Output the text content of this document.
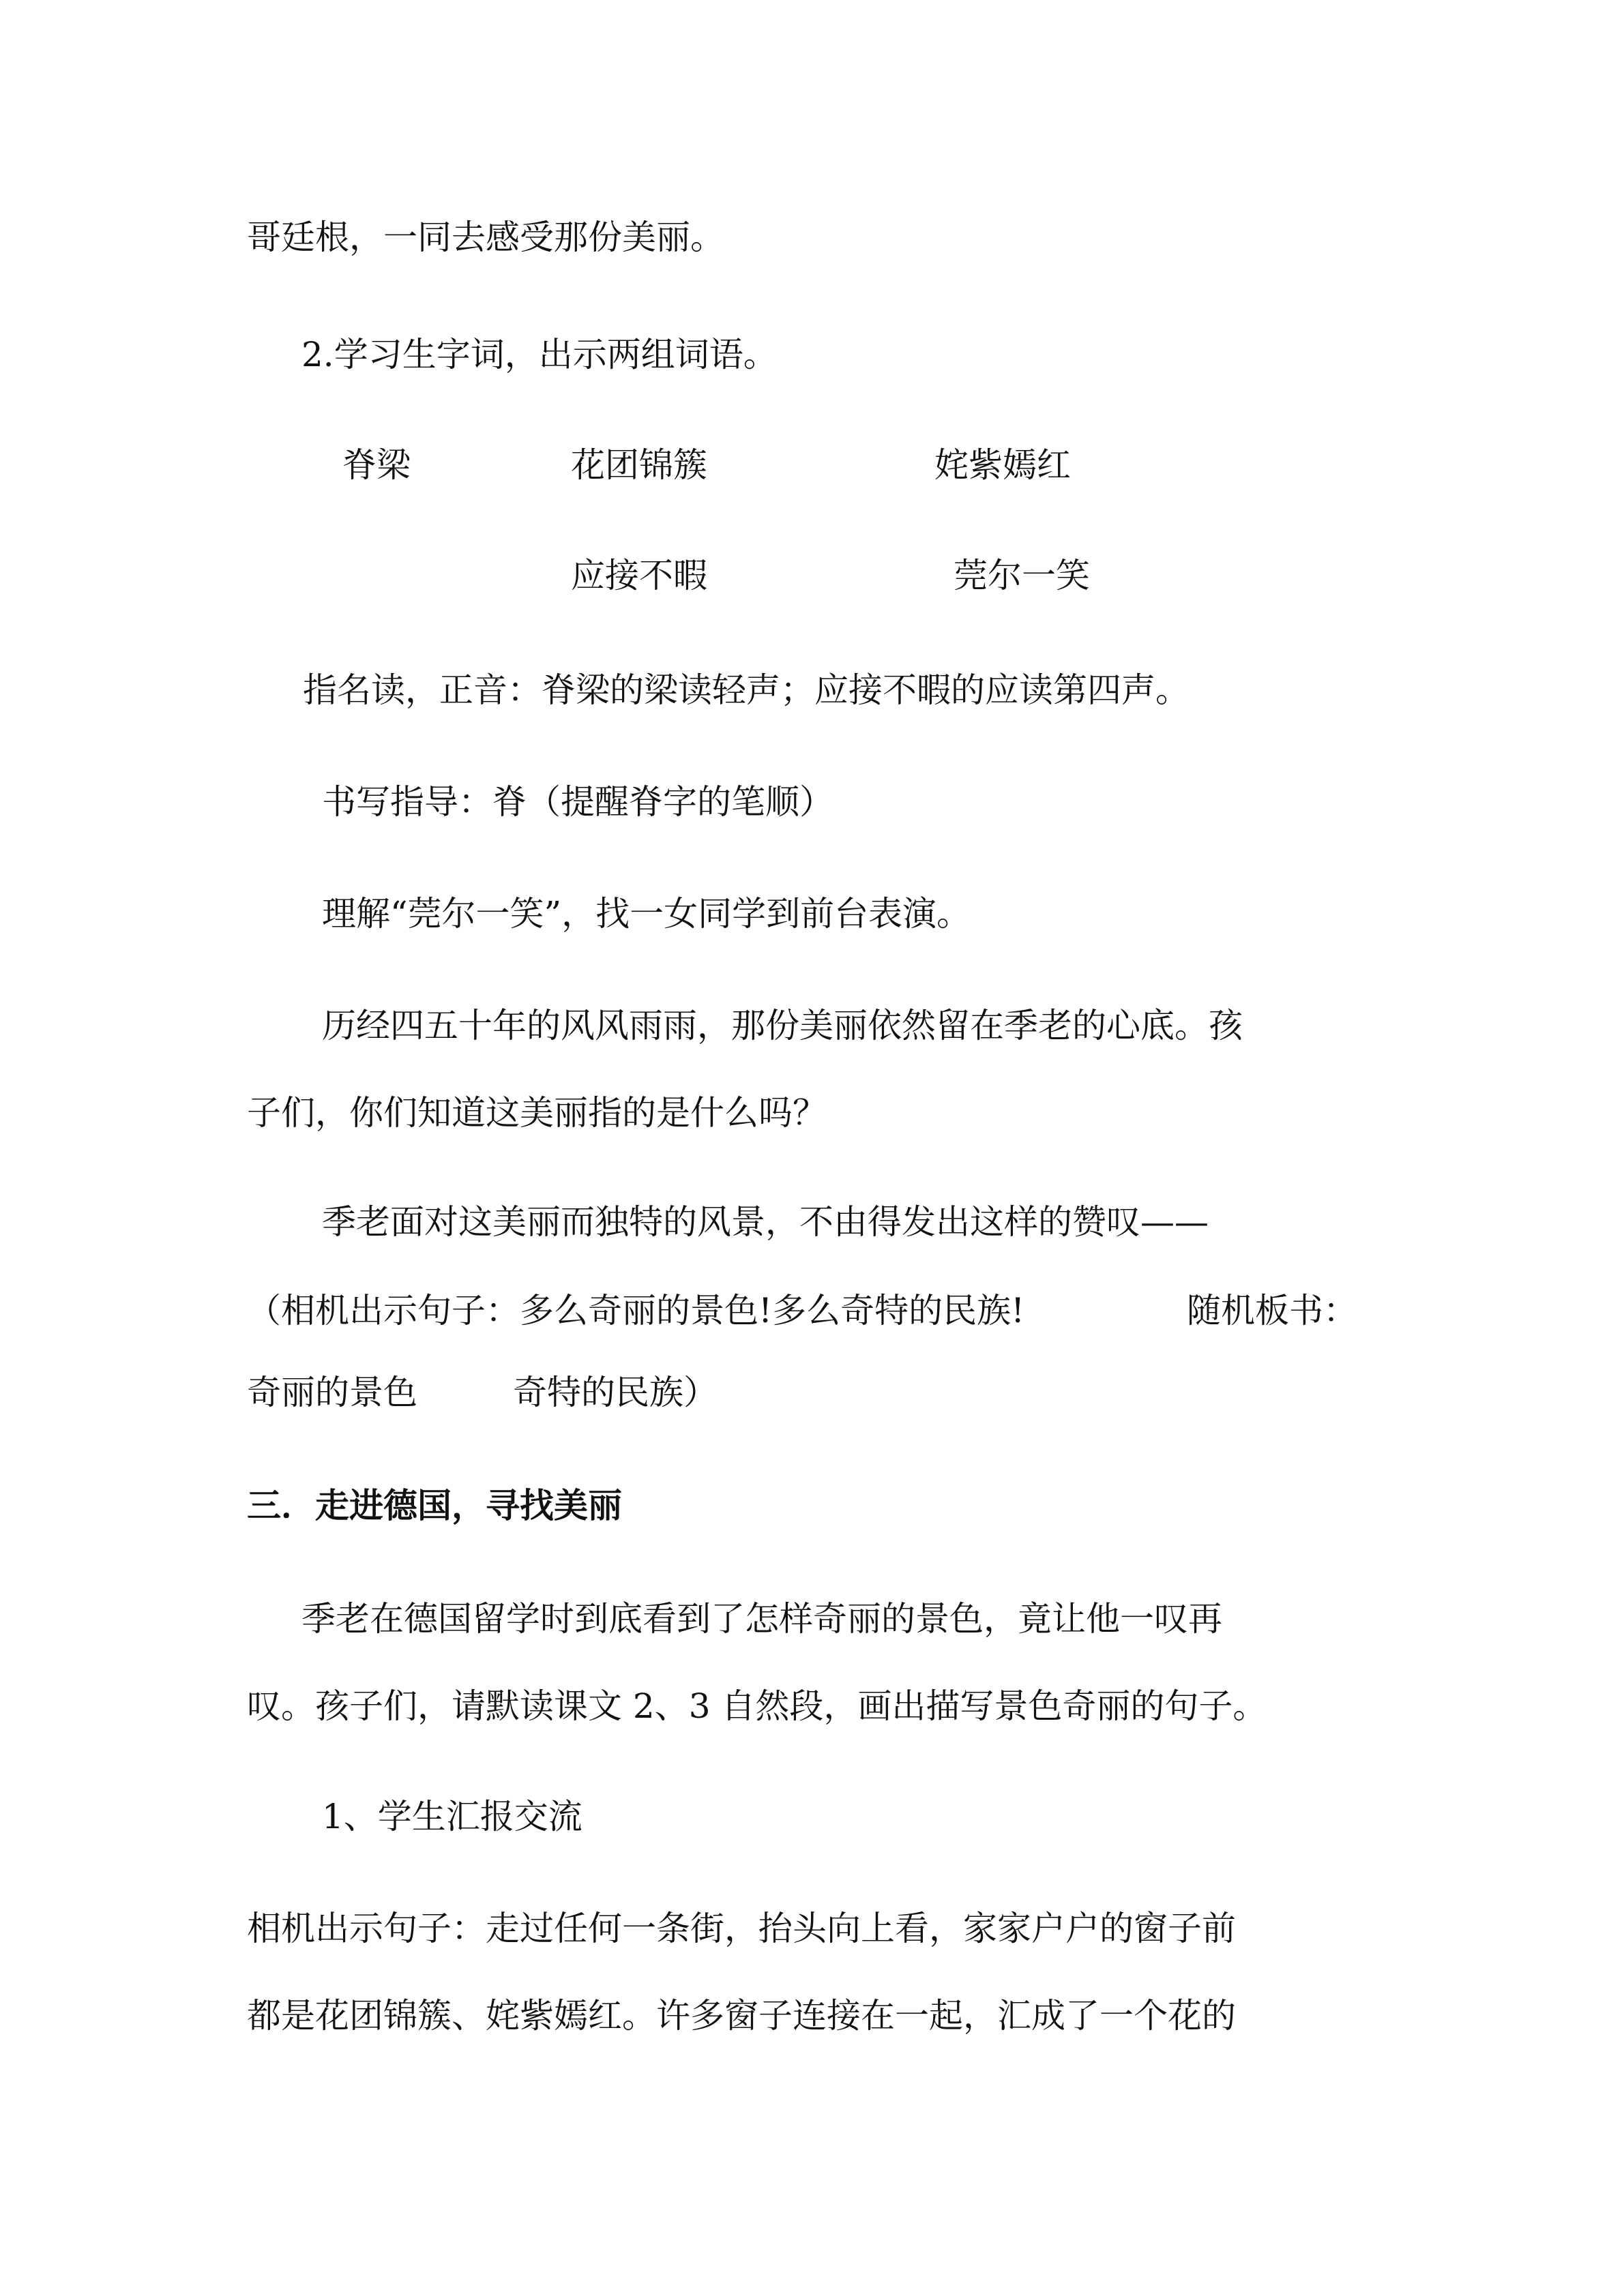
哥廷根，一同去感受那份美丽。
2.学习生字词，出示两组词语。
脊梁	花团锦簇	姹紫嫣红
应接不暇	莞尔一笑
指名读，正音：脊梁的梁读轻声；应接不暇的应读第四声。
书写指导：脊（提醒脊字的笔顺）
理解“莞尔一笑”，找一女同学到前台表演。
历经四五十年的风风雨雨，那份美丽依然留在季老的心底。孩
子们，你们知道这美丽指的是什么吗？
季老面对这美丽而独特的风景，不由得发出这样的赞叹——
（相机出示句子：多么奇丽的景色!多么奇特的民族!	随机板书：
奇丽的景色	奇特的民族）
三．走进德国，寻找美丽
季老在德国留学时到底看到了怎样奇丽的景色，竟让他一叹再
叹。孩子们，请默读课文 2、3 自然段，画出描写景色奇丽的句子。
1、学生汇报交流
相机出示句子：走过任何一条街，抬头向上看，家家户户的窗子前
都是花团锦簇、姹紫嫣红。许多窗子连接在一起，汇成了一个花的
